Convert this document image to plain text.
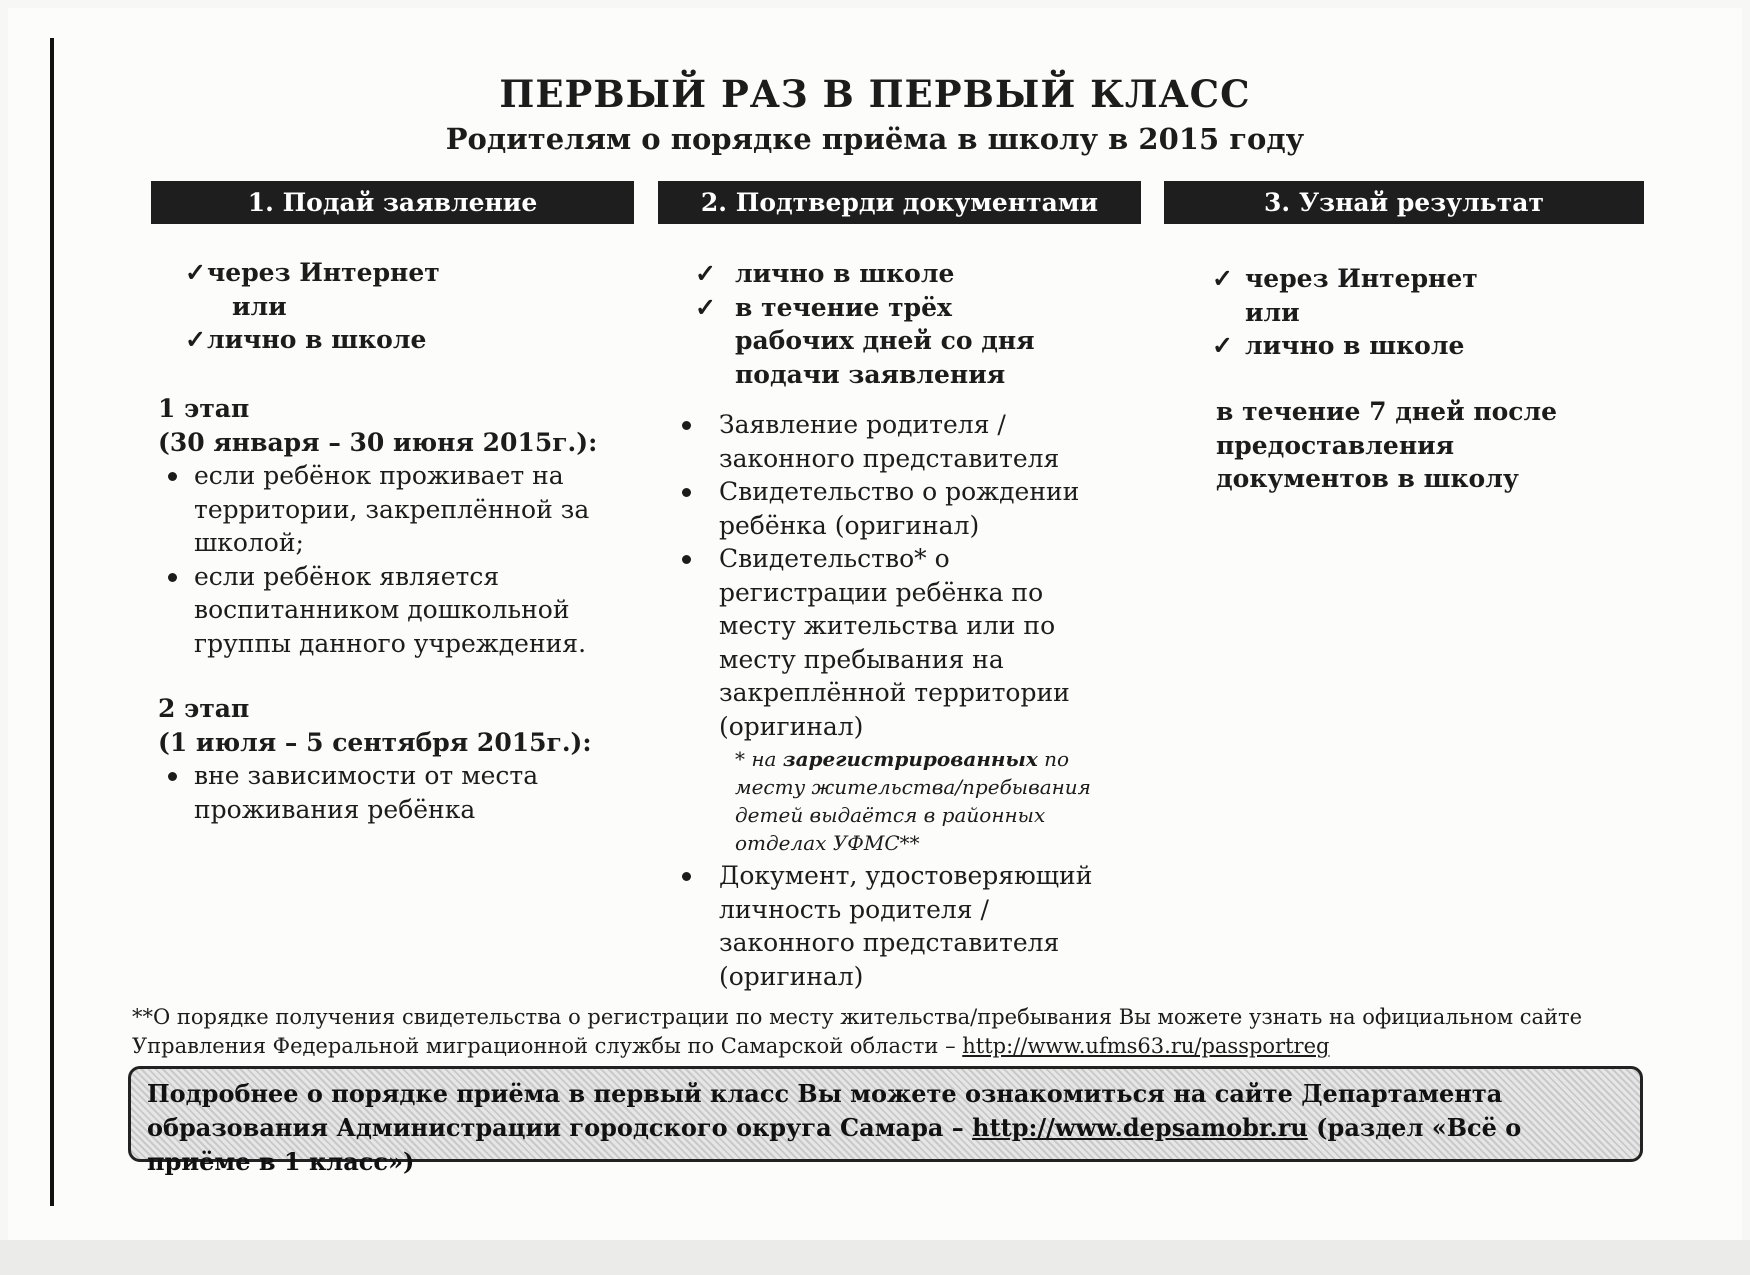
ПЕРВЫЙ РАЗ В ПЕРВЫЙ КЛАСС
Родителям о порядке приёма в школу в 2015 году
1. Подай заявление	2. Подтверди документами	3. Узнай результат
✓через Интернет
или
✓лично в школе
1 этап
(30 января – 30 июня 2015г.):
если ребёнок проживает на территории, закреплённой за школой;
если ребёнок является воспитанником дошкольной группы данного учреждения.
2 этап
(1 июля – 5 сентября 2015г.):
вне зависимости от места проживания ребёнка
✓ лично в школе
✓ в течение трёх рабочих дней со дня подачи заявления
Заявление родителя / законного представителя
Свидетельство о рождении ребёнка (оригинал)
Свидетельство* о регистрации ребёнка по месту жительства или по месту пребывания на закреплённой территории (оригинал)
* на зарегистрированных по месту жительства/пребывания детей выдаётся в районных отделах УФМС**
Документ, удостоверяющий личность родителя / законного представителя (оригинал)
✓ через Интернет
или
✓ лично в школе
в течение 7 дней после предоставления документов в школу
**О порядке получения свидетельства о регистрации по месту жительства/пребывания Вы можете узнать на официальном сайте Управления Федеральной миграционной службы по Самарской области – http://www.ufms63.ru/passportreg
Подробнее о порядке приёма в первый класс Вы можете ознакомиться на сайте Департамента образования Администрации городского округа Самара – http://www.depsamobr.ru (раздел «Всё о приёме в 1 класс»)
